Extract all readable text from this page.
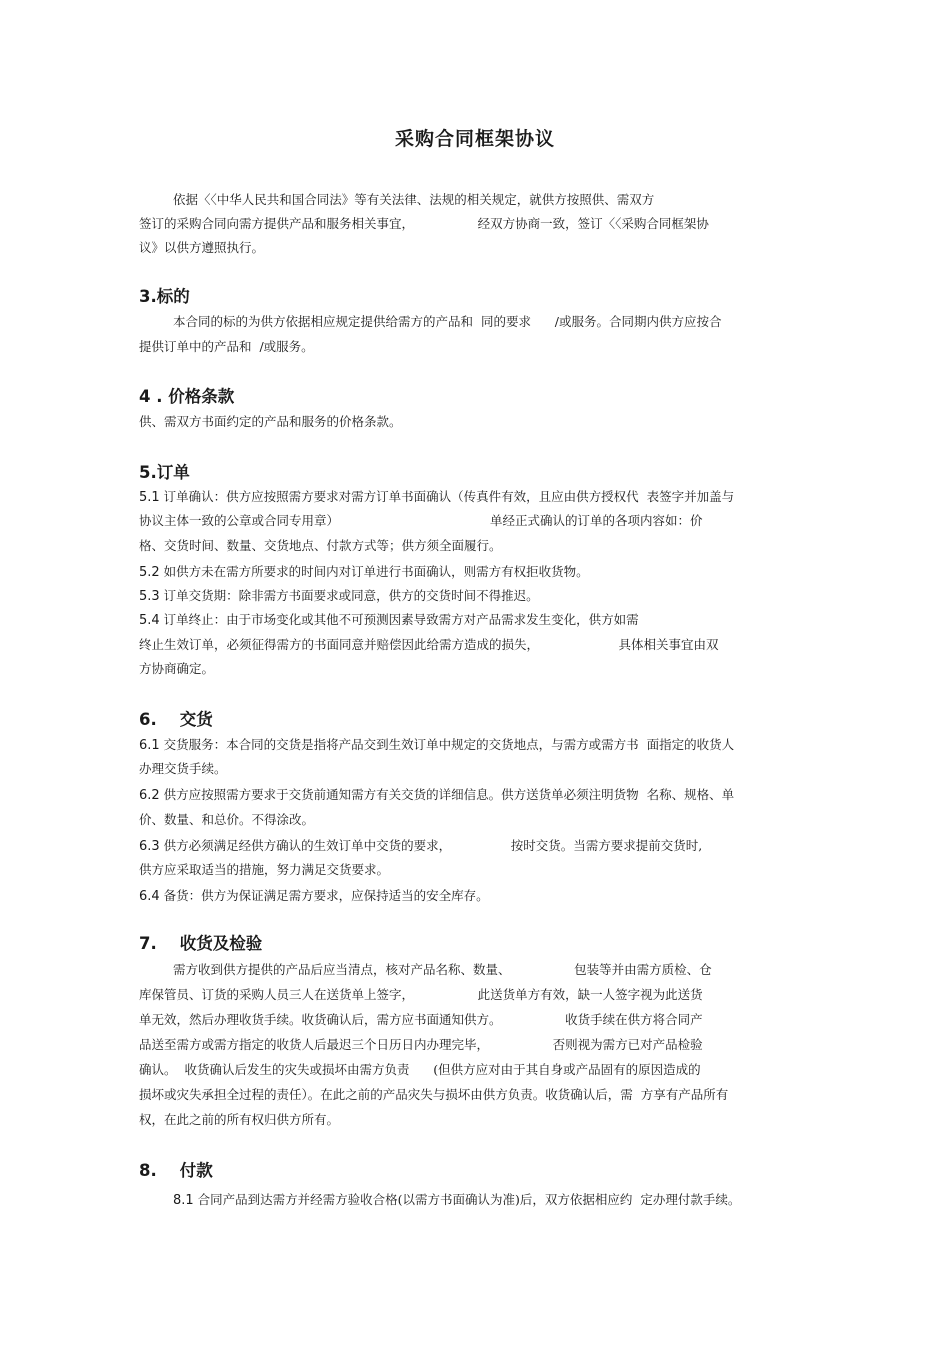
采购合同框架协议

依据〈〈中华人民共和国合同法》等有关法律、法规的相关规定，就供方按照供、需双方

签订的采购合同向需方提供产品和服务相关事宜，                经双方协商一致，签订〈〈采购合同框架协

议》以供方遵照执行。

3.标的

本合同的标的为供方依据相应规定提供给需方的产品和  同的要求      /或服务。合同期内供方应按合

提供订单中的产品和  /或服务。

4 . 价格条款

供、需双方书面约定的产品和服务的价格条款。

5.订单

5.1 订单确认：供方应按照需方要求对需方订单书面确认（传真件有效，且应由供方授权代  表签字并加盖与

协议主体一致的公章或合同专用章）                                      单经正式确认的订单的各项内容如：价

格、交货时间、数量、交货地点、付款方式等；供方须全面履行。

5.2 如供方未在需方所要求的时间内对订单进行书面确认，则需方有权拒收货物。

5.3 订单交货期：除非需方书面要求或同意，供方的交货时间不得推迟。

5.4 订单终止：由于市场变化或其他不可预测因素导致需方对产品需求发生变化，供方如需

终止生效订单，必须征得需方的书面同意并赔偿因此给需方造成的损失，                    具体相关事宜由双

方协商确定。

6.    交货

6.1 交货服务：本合同的交货是指将产品交到生效订单中规定的交货地点，与需方或需方书  面指定的收货人

办理交货手续。

6.2 供方应按照需方要求于交货前通知需方有关交货的详细信息。供方送货单必须注明货物  名称、规格、单

价、数量、和总价。不得涂改。

6.3 供方必须满足经供方确认的生效订单中交货的要求，               按时交货。当需方要求提前交货时,

供方应采取适当的措施，努力满足交货要求。

6.4 备货：供方为保证满足需方要求，应保持适当的安全库存。

7.    收货及检验

需方收到供方提供的产品后应当清点，核对产品名称、数量、                包装等并由需方质检、仓

库保管员、订货的采购人员三人在送货单上签字，                此送货单方有效，缺一人签字视为此送货

单无效，然后办理收货手续。收货确认后，需方应书面通知供方。                收货手续在供方将合同产

品送至需方或需方指定的收货人后最迟三个日历日内办理完毕，                否则视为需方已对产品检验

确认。  收货确认后发生的灾失或损坏由需方负责      (但供方应对由于其自身或产品固有的原因造成的

损坏或灾失承担全过程的责任）。在此之前的产品灾失与损坏由供方负责。收货确认后，需  方享有产品所有

权，在此之前的所有权归供方所有。

8.    付款

8.1 合同产品到达需方并经需方验收合格(以需方书面确认为准)后，双方依据相应约  定办理付款手续。
